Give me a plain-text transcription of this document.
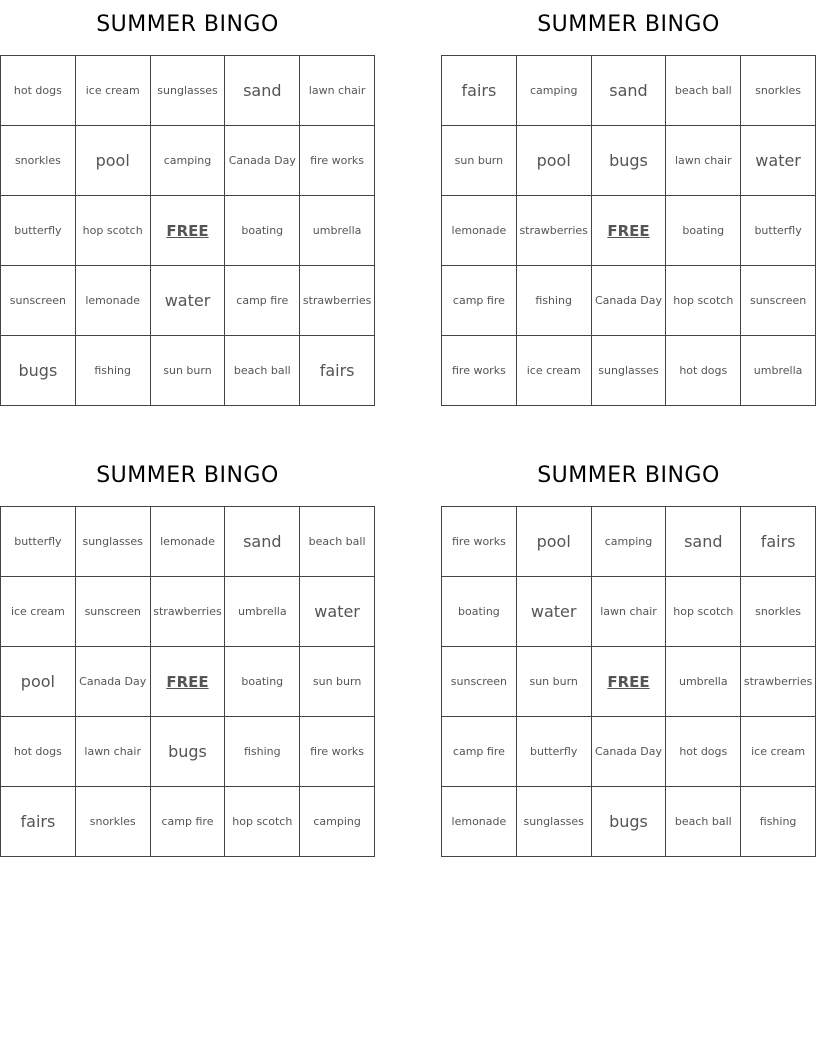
SUMMER BINGO
hot dogs	ice cream	sunglasses	sand	lawn chair
snorkles	pool	camping	Canada Day	fire works
butterfly	hop scotch	FREE	boating	umbrella
sunscreen	lemonade	water	camp fire	strawberries
bugs	fishing	sun burn	beach ball	fairs
SUMMER BINGO
fairs	camping	sand	beach ball	snorkles
sun burn	pool	bugs	lawn chair	water
lemonade	strawberries	FREE	boating	butterfly
camp fire	fishing	Canada Day	hop scotch	sunscreen
fire works	ice cream	sunglasses	hot dogs	umbrella
SUMMER BINGO
butterfly	sunglasses	lemonade	sand	beach ball
ice cream	sunscreen	strawberries	umbrella	water
pool	Canada Day	FREE	boating	sun burn
hot dogs	lawn chair	bugs	fishing	fire works
fairs	snorkles	camp fire	hop scotch	camping
SUMMER BINGO
fire works	pool	camping	sand	fairs
boating	water	lawn chair	hop scotch	snorkles
sunscreen	sun burn	FREE	umbrella	strawberries
camp fire	butterfly	Canada Day	hot dogs	ice cream
lemonade	sunglasses	bugs	beach ball	fishing
